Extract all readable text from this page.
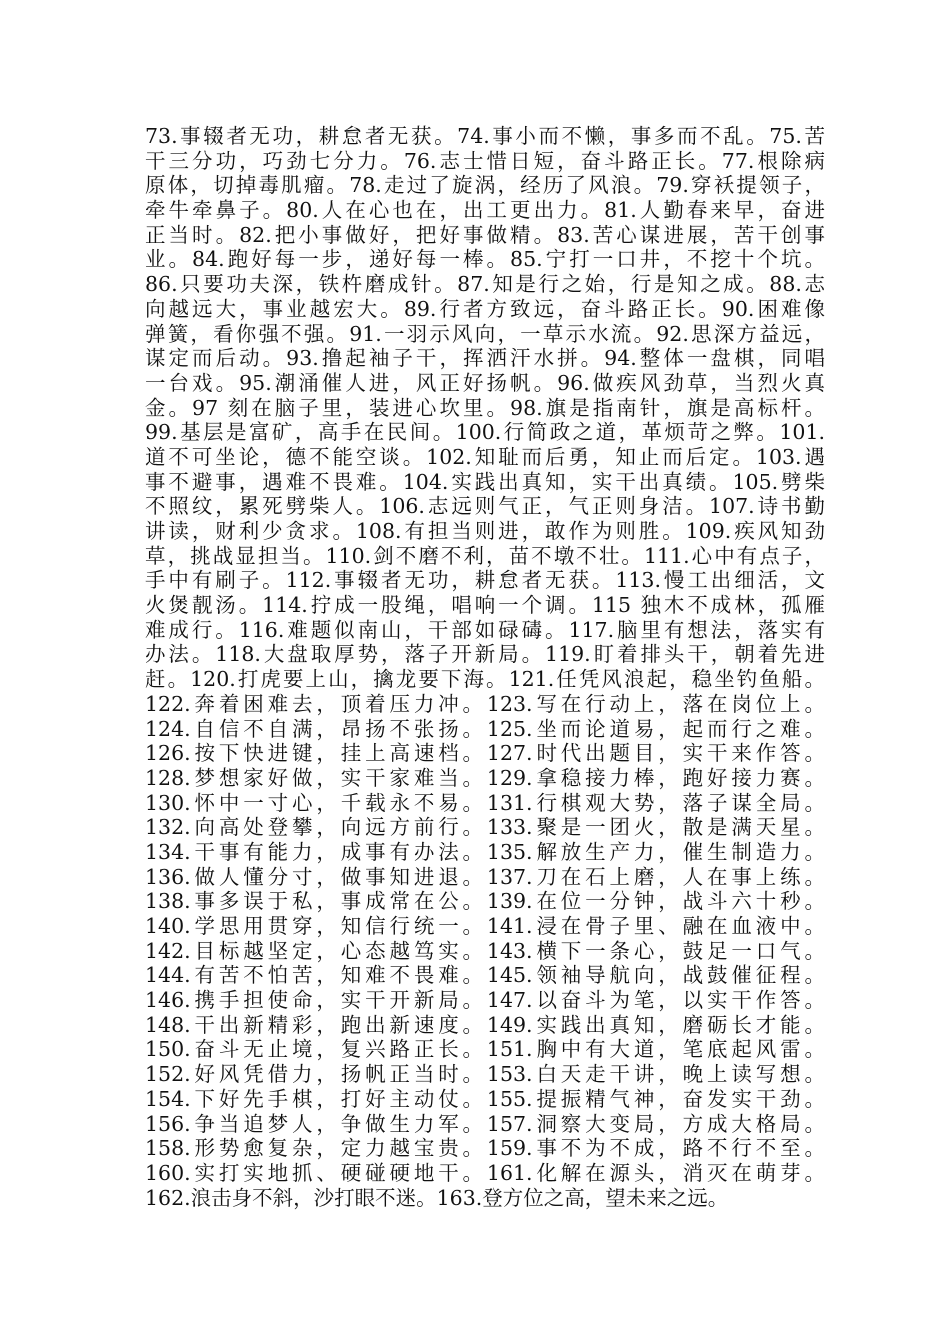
73.事辍者无功，耕怠者无获。74.事小而不懒，事多而不乱。75.苦
干三分功，巧劲七分力。76.志士惜日短，奋斗路正长。77.根除病
原体，切掉毒肌瘤。78.走过了旋涡，经历了风浪。79.穿袄提领子，
牵牛牵鼻子。80.人在心也在，出工更出力。81.人勤春来早，奋进
正当时。82.把小事做好，把好事做精。83.苦心谋进展，苦干创事
业。84.跑好每一步，递好每一棒。85.宁打一口井，不挖十个坑。
86.只要功夫深，铁杵磨成针。87.知是行之始，行是知之成。88.志
向越远大，事业越宏大。89.行者方致远，奋斗路正长。90.困难像
弹簧，看你强不强。91.一羽示风向，一草示水流。92.思深方益远，
谋定而后动。93.撸起袖子干，挥洒汗水拼。94.整体一盘棋，同唱
一台戏。95.潮涌催人进，风正好扬帆。96.做疾风劲草，当烈火真
金。97 刻在脑子里，装进心坎里。98.旗是指南针，旗是高标杆。
99.基层是富矿，高手在民间。100.行简政之道，革烦苛之弊。101.
道不可坐论，德不能空谈。102.知耻而后勇，知止而后定。103.遇
事不避事，遇难不畏难。104.实践出真知，实干出真绩。105.劈柴
不照纹，累死劈柴人。106.志远则气正，气正则身洁。107.诗书勤
讲读，财利少贪求。108.有担当则进，敢作为则胜。109.疾风知劲
草，挑战显担当。110.剑不磨不利，苗不墩不壮。111.心中有点子，
手中有刷子。112.事辍者无功，耕怠者无获。113.慢工出细活，文
火煲靓汤。114.拧成一股绳，唱响一个调。115 独木不成林，孤雁
难成行。116.难题似南山，干部如碌碡。117.脑里有想法，落实有
办法。118.大盘取厚势，落子开新局。119.盯着排头干，朝着先进
赶。120.打虎要上山，擒龙要下海。121.任凭风浪起，稳坐钓鱼船。
122.奔着困难去，顶着压力冲。123.写在行动上，落在岗位上。
124.自信不自满，昂扬不张扬。125.坐而论道易，起而行之难。
126.按下快进键，挂上高速档。127.时代出题目，实干来作答。
128.梦想家好做，实干家难当。129.拿稳接力棒，跑好接力赛。
130.怀中一寸心，千载永不易。131.行棋观大势，落子谋全局。
132.向高处登攀，向远方前行。133.聚是一团火，散是满天星。
134.干事有能力，成事有办法。135.解放生产力，催生制造力。
136.做人懂分寸，做事知进退。137.刀在石上磨，人在事上练。
138.事多误于私，事成常在公。139.在位一分钟，战斗六十秒。
140.学思用贯穿，知信行统一。141.浸在骨子里、融在血液中。
142.目标越坚定，心态越笃实。143.横下一条心，鼓足一口气。
144.有苦不怕苦，知难不畏难。145.领袖导航向，战鼓催征程。
146.携手担使命，实干开新局。147.以奋斗为笔，以实干作答。
148.干出新精彩，跑出新速度。149.实践出真知，磨砺长才能。
150.奋斗无止境，复兴路正长。151.胸中有大道，笔底起风雷。
152.好风凭借力，扬帆正当时。153.白天走干讲，晚上读写想。
154.下好先手棋，打好主动仗。155.提振精气神，奋发实干劲。
156.争当追梦人，争做生力军。157.洞察大变局，方成大格局。
158.形势愈复杂，定力越宝贵。159.事不为不成，路不行不至。
160.实打实地抓、硬碰硬地干。161.化解在源头，消灭在萌芽。
162.浪击身不斜，沙打眼不迷。163.登方位之高，望未来之远。
